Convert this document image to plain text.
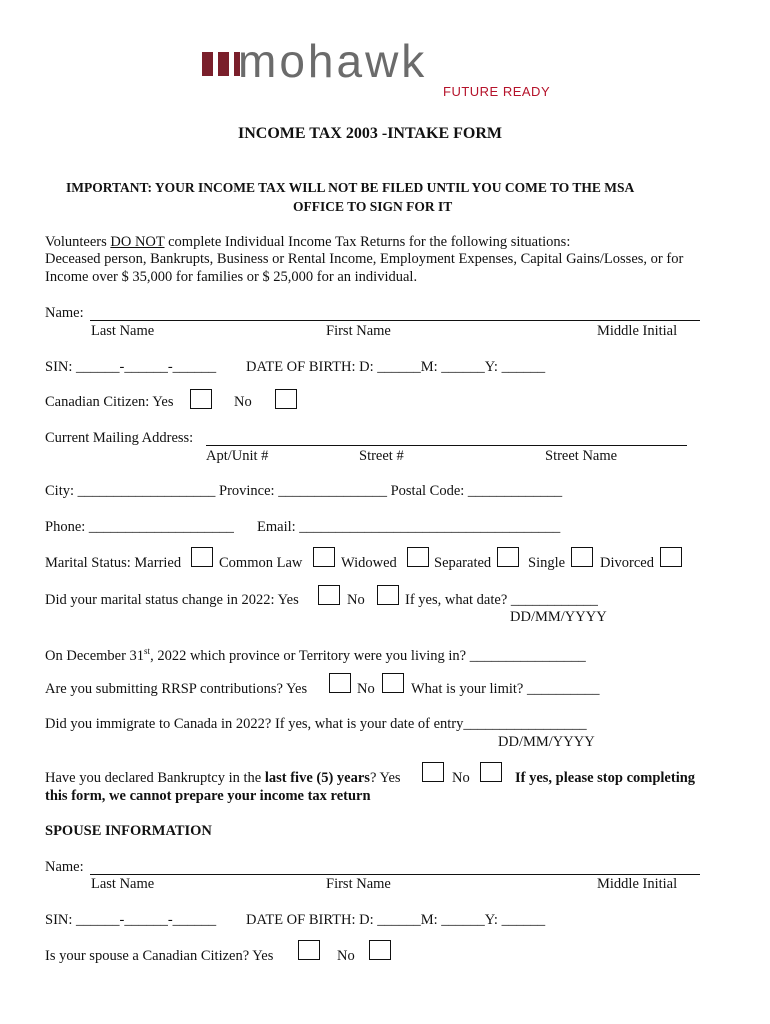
mohawk
FUTURE READY
INCOME TAX 2003 -INTAKE FORM
IMPORTANT: YOUR INCOME TAX WILL NOT BE FILED UNTIL YOU COME TO THE MSA
OFFICE TO SIGN FOR IT
Volunteers DO NOT complete Individual Income Tax Returns for the following situations:
Deceased person, Bankrupts, Business or Rental Income, Employment Expenses, Capital Gains/Losses, or for
Income over $ 35,000 for families or $ 25,000 for an individual.
Name:
Last Name	First Name	Middle Initial
SIN: ______-______-______ DATE OF BIRTH: D: ______M: ______Y: ______
Canadian Citizen: Yes	No
Current Mailing Address:
Apt/Unit #	Street #	Street Name
City: ___________________ Province: _______________ Postal Code: _____________
Phone: ____________________ Email: ____________________________________
Marital Status: Married	Common Law	Widowed	Separated	Single Divorced
Did your marital status change in 2022: Yes	No	If yes, what date? ____________
DD/MM/YYYY
On December 31st, 2022 which province or Territory were you living in? ________________
Are you submitting RRSP contributions? Yes	No	What is your limit? __________
Did you immigrate to Canada in 2022? If yes, what is your date of entry_________________
DD/MM/YYYY
Have you declared Bankruptcy in the last five (5) years? Yes	No	If yes, please stop completing
this form, we cannot prepare your income tax return
SPOUSE INFORMATION
Name:
Last Name	First Name	Middle Initial
SIN: ______-______-______ DATE OF BIRTH: D: ______M: ______Y: ______
Is your spouse a Canadian Citizen? Yes	No
